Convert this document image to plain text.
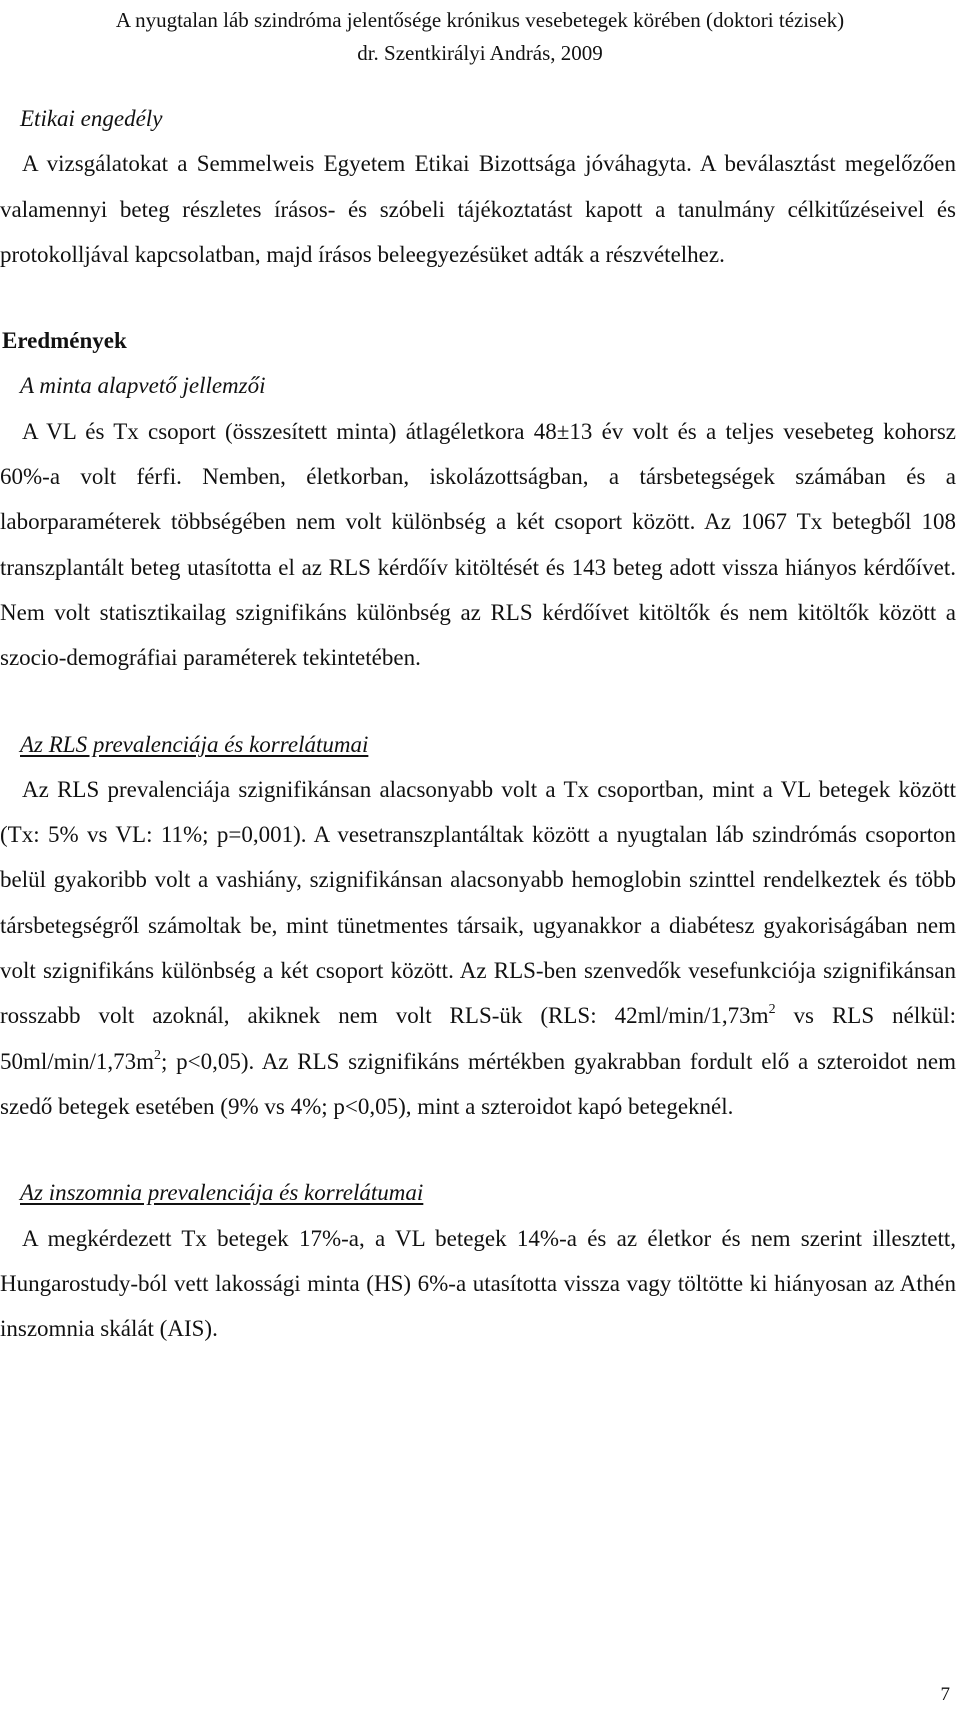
A nyugtalan láb szindróma jelentősége krónikus vesebetegek körében (doktori tézisek)
dr. Szentkirályi András, 2009

Etikai engedély

A vizsgálatokat a Semmelweis Egyetem Etikai Bizottsága jóváhagyta. A beválasztást megelőzően valamennyi beteg részletes írásos- és szóbeli tájékoztatást kapott a tanulmány célkitűzéseivel és protokolljával kapcsolatban, majd írásos beleegyezésüket adták a részvételhez.

Eredmények

A minta alapvető jellemzői

A VL és Tx csoport (összesített minta) átlagéletkora 48±13 év volt és a teljes vesebeteg kohorsz 60%-a volt férfi. Nemben, életkorban, iskolázottságban, a társbetegségek számában és a laborparaméterek többségében nem volt különbség a két csoport között. Az 1067 Tx betegből 108 transzplantált beteg utasította el az RLS kérdőív kitöltését és 143 beteg adott vissza hiányos kérdőívet. Nem volt statisztikailag szignifikáns különbség az RLS kérdőívet kitöltők és nem kitöltők között a szocio-demográfiai paraméterek tekintetében.

Az RLS prevalenciája és korrelátumai

Az RLS prevalenciája szignifikánsan alacsonyabb volt a Tx csoportban, mint a VL betegek között (Tx: 5% vs VL: 11%; p=0,001). A vesetranszplantáltak között a nyugtalan láb szindrómás csoporton belül gyakoribb volt a vashiány, szignifikánsan alacsonyabb hemoglobin szinttel rendelkeztek és több társbetegségről számoltak be, mint tünetmentes társaik, ugyanakkor a diabétesz gyakoriságában nem volt szignifikáns különbség a két csoport között. Az RLS-ben szenvedők vesefunkciója szignifikánsan rosszabb volt azoknál, akiknek nem volt RLS-ük (RLS: $42ml/\min/1,73m^2$ vs RLS nélkül: $50ml/\min/1,73m^2$; p<0,05). Az RLS szignifikáns mértékben gyakrabban fordult elő a szteroidot nem szedő betegek esetében (9% vs 4%; p<0,05), mint a szteroidot kapó betegeknél.

Az inszomnia prevalenciája és korrelátumai

A megkérdezett Tx betegek 17%-a, a VL betegek 14%-a és az életkor és nem szerint illesztett, Hungarostudy-ból vett lakossági minta (HS) 6%-a utasította vissza vagy töltötte ki hiányosan az Athén inszomnia skálát (AIS).

7
